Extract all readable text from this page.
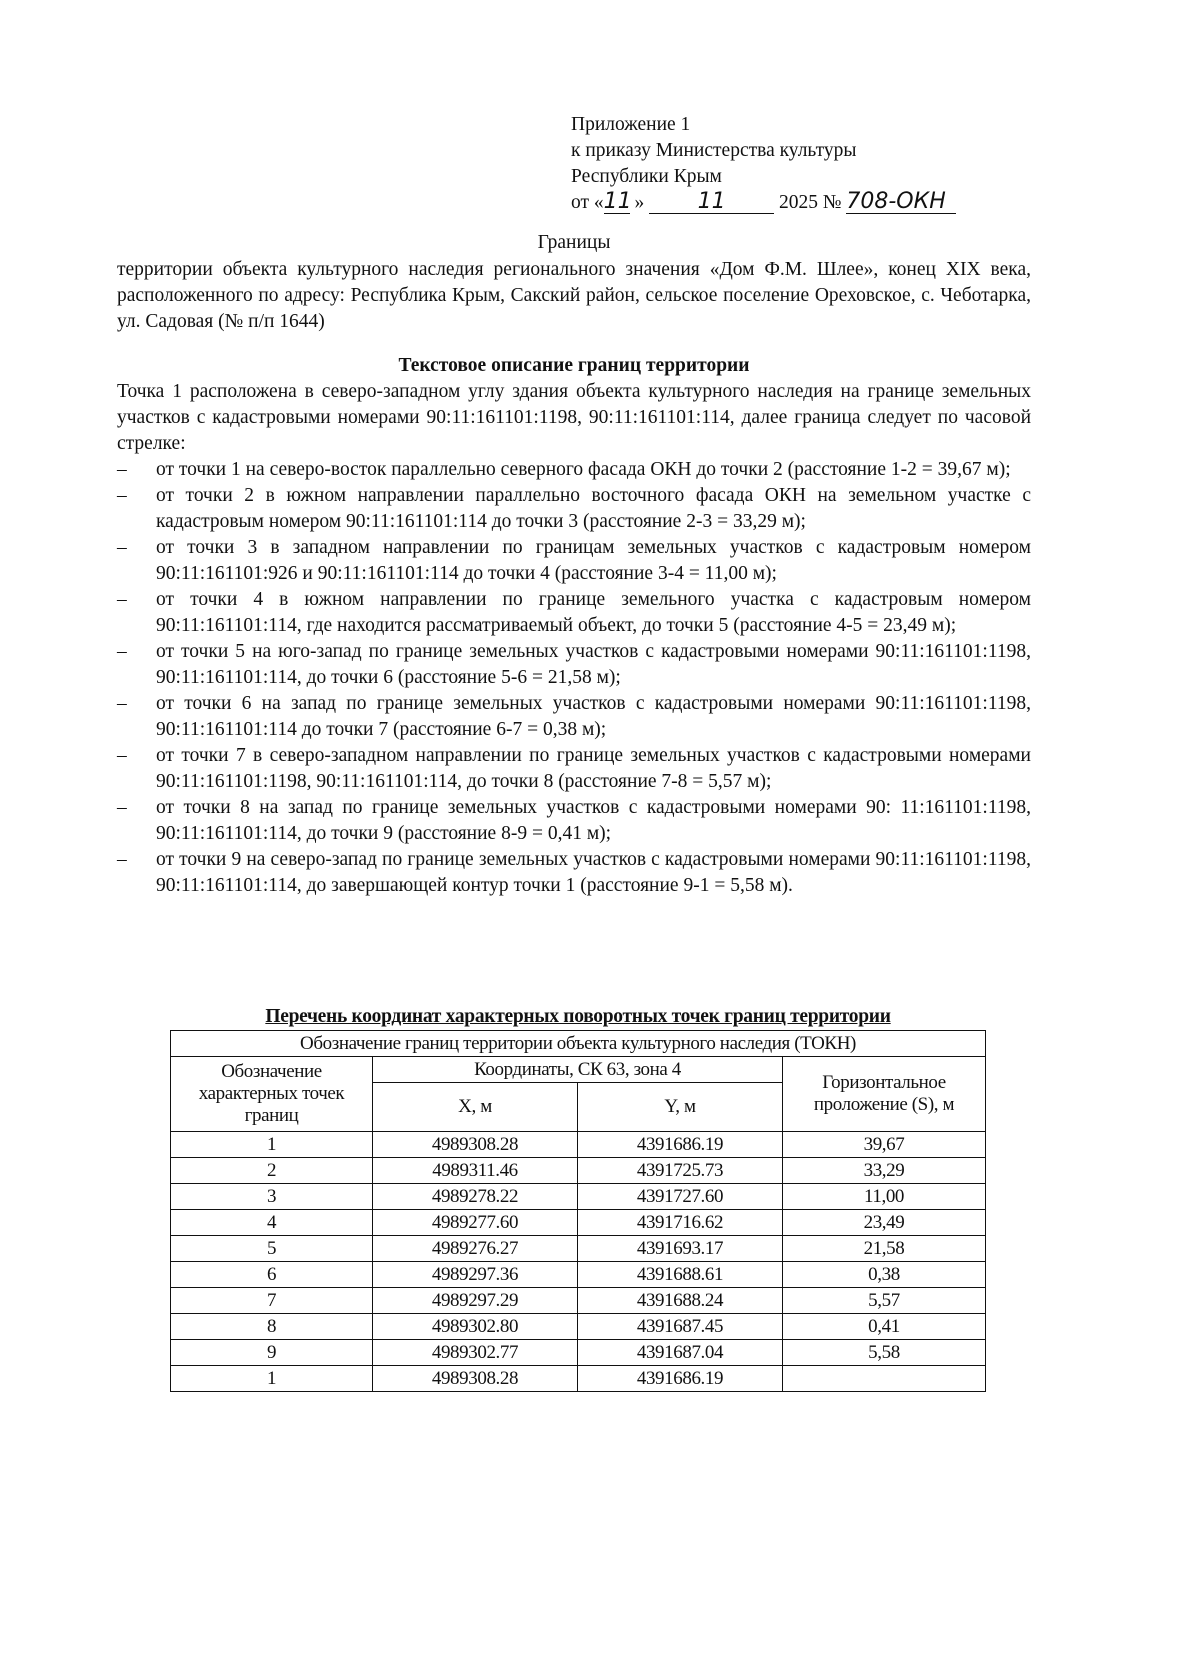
Приложение 1
к приказу Министерства культуры
Республики Крым
от «11 » 11	2025 № 708-ОКН
Границы
территории объекта культурного наследия регионального значения «Дом Ф.М. Шлее», конец XIX века, расположенного по адресу: Республика Крым, Сакский район, сельское поселение Ореховское, с. Чеботарка, ул. Садовая (№ п/п 1644)
Текстовое описание границ территории
Точка 1 расположена в северо-западном углу здания объекта культурного наследия на границе земельных участков с кадастровыми номерами 90:11:161101:1198, 90:11:161101:114, далее граница следует по часовой стрелке:
– от точки 1 на северо-восток параллельно северного фасада ОКН до точки 2 (расстояние 1-2 = 39,67 м);
– от точки 2 в южном направлении параллельно восточного фасада ОКН на земельном участке с кадастровым номером 90:11:161101:114 до точки 3 (расстояние 2-3 = 33,29 м);
– от точки 3 в западном направлении по границам земельных участков с кадастровым номером 90:11:161101:926 и 90:11:161101:114 до точки 4 (расстояние 3-4 = 11,00 м);
– от точки 4 в южном направлении по границе земельного участка с кадастровым номером 90:11:161101:114, где находится рассматриваемый объект, до точки 5 (расстояние 4-5 = 23,49 м);
– от точки 5 на юго-запад по границе земельных участков с кадастровыми номерами 90:11:161101:1198, 90:11:161101:114, до точки 6 (расстояние 5-6 = 21,58 м);
– от точки 6 на запад по границе земельных участков с кадастровыми номерами 90:11:161101:1198, 90:11:161101:114 до точки 7 (расстояние 6-7 = 0,38 м);
– от точки 7 в северо-западном направлении по границе земельных участков с кадастровыми номерами 90:11:161101:1198, 90:11:161101:114, до точки 8 (расстояние 7-8 = 5,57 м);
– от точки 8 на запад по границе земельных участков с кадастровыми номерами 90: 11:161101:1198, 90:11:161101:114, до точки 9 (расстояние 8-9 = 0,41 м);
– от точки 9 на северо-запад по границе земельных участков с кадастровыми номерами 90:11:161101:1198, 90:11:161101:114, до завершающей контур точки 1 (расстояние 9-1 = 5,58 м).
Перечень координат характерных поворотных точек границ территории
Обозначение границ территории объекта культурного наследия (ТОКН)			
Обозначение характерных точек границ	Координаты, СК 63, зона 4		Горизонтальное проложение (S), м
	X, м	Y, м	
1	4989308.28	4391686.19	39,67
2	4989311.46	4391725.73	33,29
3	4989278.22	4391727.60	11,00
4	4989277.60	4391716.62	23,49
5	4989276.27	4391693.17	21,58
6	4989297.36	4391688.61	0,38
7	4989297.29	4391688.24	5,57
8	4989302.80	4391687.45	0,41
9	4989302.77	4391687.04	5,58
1	4989308.28	4391686.19	
